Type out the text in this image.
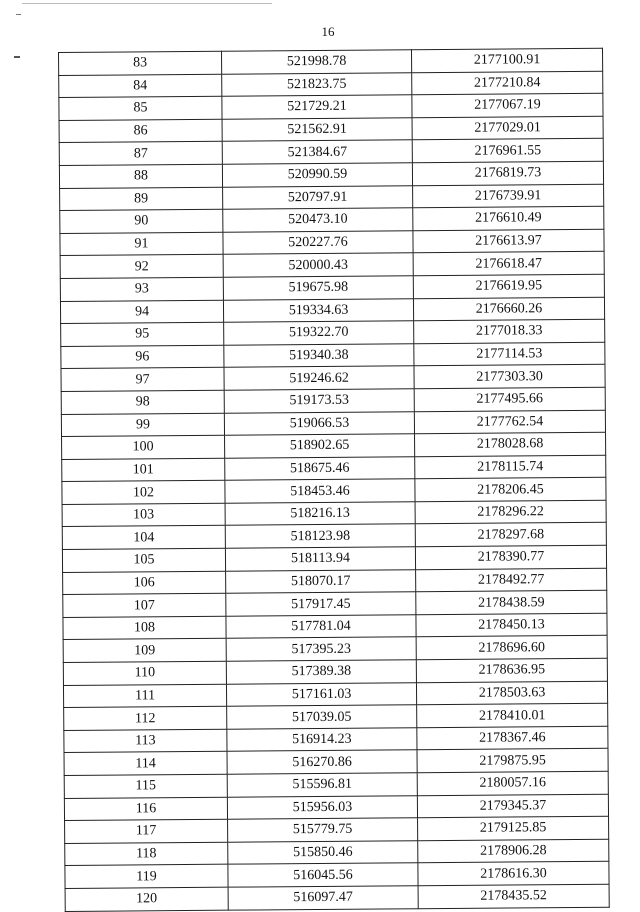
16
83	521998.78	2177100.91
84	521823.75	2177210.84
85	521729.21	2177067.19
86	521562.91	2177029.01
87	521384.67	2176961.55
88	520990.59	2176819.73
89	520797.91	2176739.91
90	520473.10	2176610.49
91	520227.76	2176613.97
92	520000.43	2176618.47
93	519675.98	2176619.95
94	519334.63	2176660.26
95	519322.70	2177018.33
96	519340.38	2177114.53
97	519246.62	2177303.30
98	519173.53	2177495.66
99	519066.53	2177762.54
100	518902.65	2178028.68
101	518675.46	2178115.74
102	518453.46	2178206.45
103	518216.13	2178296.22
104	518123.98	2178297.68
105	518113.94	2178390.77
106	518070.17	2178492.77
107	517917.45	2178438.59
108	517781.04	2178450.13
109	517395.23	2178696.60
110	517389.38	2178636.95
111	517161.03	2178503.63
112	517039.05	2178410.01
113	516914.23	2178367.46
114	516270.86	2179875.95
115	515596.81	2180057.16
116	515956.03	2179345.37
117	515779.75	2179125.85
118	515850.46	2178906.28
119	516045.56	2178616.30
120	516097.47	2178435.52
